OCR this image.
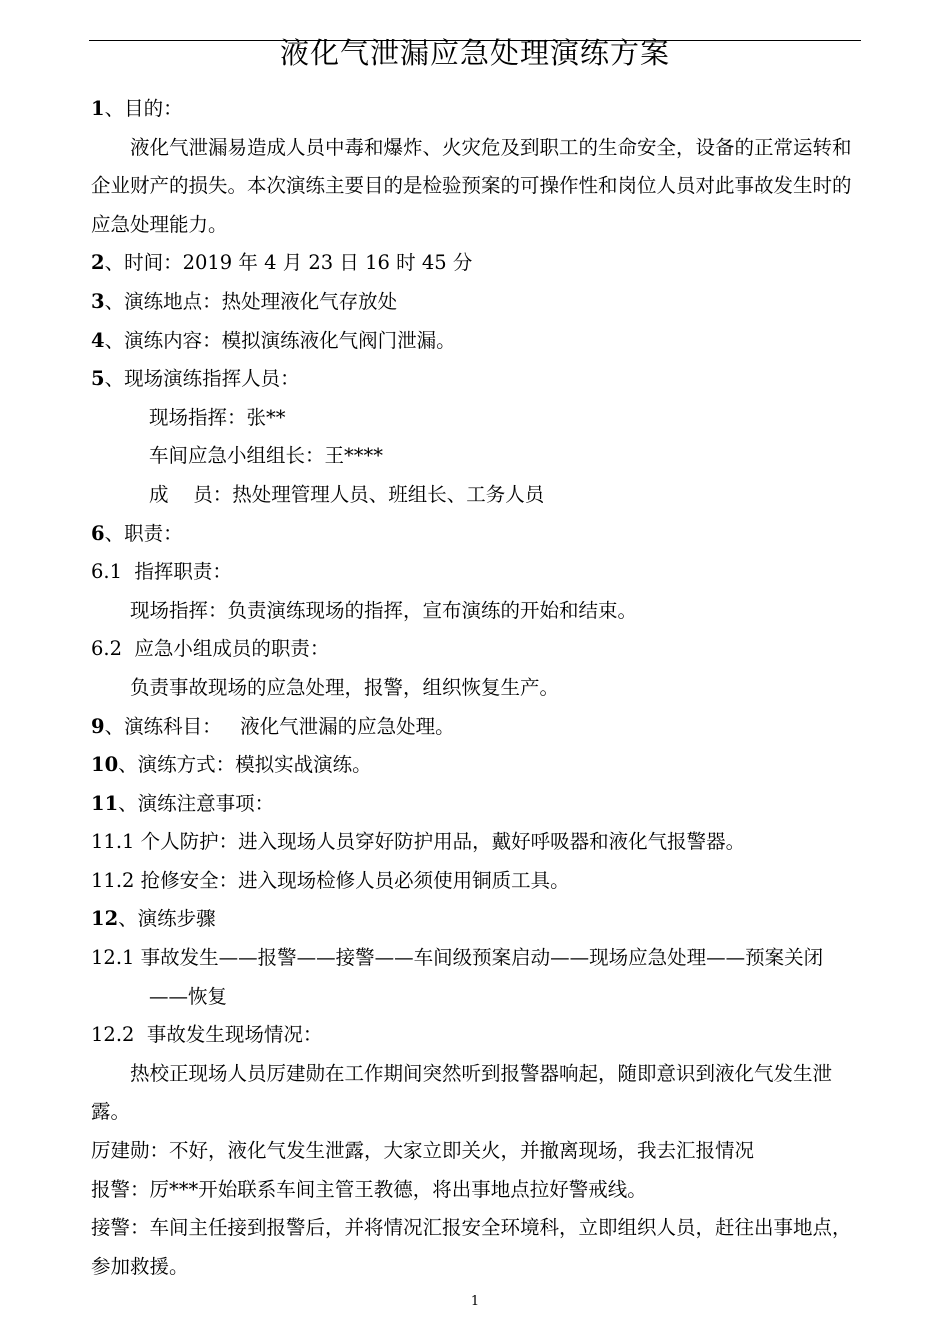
液化气泄漏应急处理演练方案

1、目的：

液化气泄漏易造成人员中毒和爆炸、火灾危及到职工的生命安全，设备的正常运转和企业财产的损失。本次演练主要目的是检验预案的可操作性和岗位人员对此事故发生时的应急处理能力。

2、时间：2019 年 4 月 23 日 16 时 45 分

3、演练地点：热处理液化气存放处

4、演练内容：模拟演练液化气阀门泄漏。

5、现场演练指挥人员：

现场指挥：张**

车间应急小组组长：王****

成    员：热处理管理人员、班组长、工务人员

6、职责：

6.1  指挥职责：

现场指挥：负责演练现场的指挥，宣布演练的开始和结束。

6.2  应急小组成员的职责：

负责事故现场的应急处理，报警，组织恢复生产。

9、演练科目：   液化气泄漏的应急处理。

10、演练方式：模拟实战演练。

11、演练注意事项：

11.1 个人防护：进入现场人员穿好防护用品，戴好呼吸器和液化气报警器。

11.2 抢修安全：进入现场检修人员必须使用铜质工具。

12、演练步骤

12.1 事故发生——报警——接警——车间级预案启动——现场应急处理——预案关闭——恢复

12.2  事故发生现场情况：

热校正现场人员厉建勋在工作期间突然听到报警器响起，随即意识到液化气发生泄露。

厉建勋：不好，液化气发生泄露，大家立即关火，并撤离现场，我去汇报情况

报警：厉***开始联系车间主管王教德，将出事地点拉好警戒线。

接警：车间主任接到报警后，并将情况汇报安全环境科，立即组织人员，赶往出事地点，参加救援。

1
